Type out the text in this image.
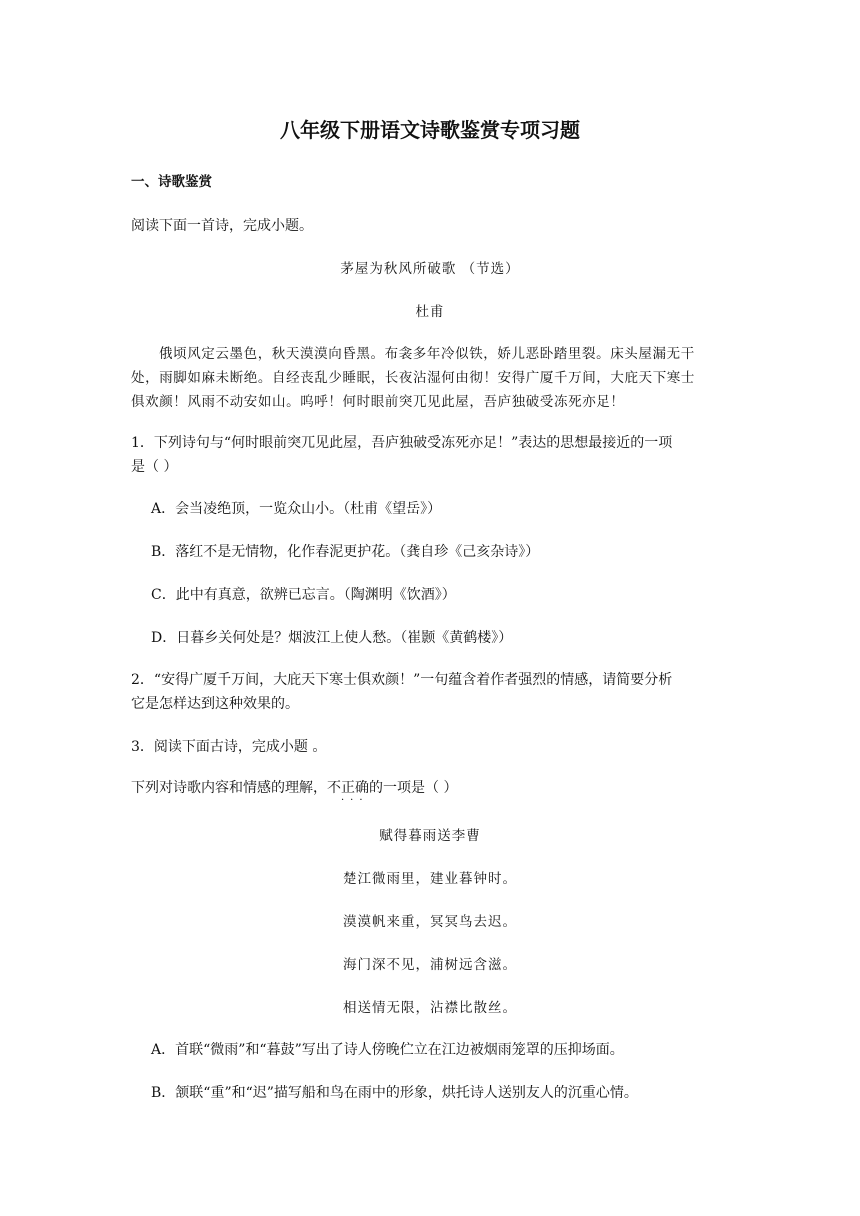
八年级下册语文诗歌鉴赏专项习题
一、诗歌鉴赏
阅读下面一首诗，完成小题。
茅屋为秋风所破歌 （节选）
杜甫
俄顷风定云墨色，秋天漠漠向昏黑。布衾多年冷似铁，娇儿恶卧踏里裂。床头屋漏无干
处，雨脚如麻未断绝。自经丧乱少睡眠，长夜沾湿何由彻！安得广厦千万间，大庇天下寒士
俱欢颜！风雨不动安如山。呜呼！何时眼前突兀见此屋，吾庐独破受冻死亦足！
1．下列诗句与“何时眼前突兀见此屋，吾庐独破受冻死亦足！”表达的思想最接近的一项
是（ ）
A．会当凌绝顶，一览众山小。（杜甫《望岳》）
B．落红不是无情物，化作春泥更护花。（龚自珍《己亥杂诗》）
C．此中有真意，欲辨已忘言。（陶渊明《饮酒》）
D．日暮乡关何处是？烟波江上使人愁。（崔颢《黄鹤楼》）
2．“安得广厦千万间，大庇天下寒士俱欢颜！”一句蕴含着作者强烈的情感，请简要分析
它是怎样达到这种效果的。
3．阅读下面古诗，完成小题 。
下列对诗歌内容和情感的理解，不正确的一项是（ ）
···
赋得暮雨送李曹
楚江微雨里，建业暮钟时。
漠漠帆来重，冥冥鸟去迟。
海门深不见，浦树远含滋。
相送情无限，沾襟比散丝。
A．首联“微雨”和“暮鼓”写出了诗人傍晚伫立在江边被烟雨笼罩的压抑场面。
B．颔联“重”和“迟”描写船和鸟在雨中的形象，烘托诗人送别友人的沉重心情。
